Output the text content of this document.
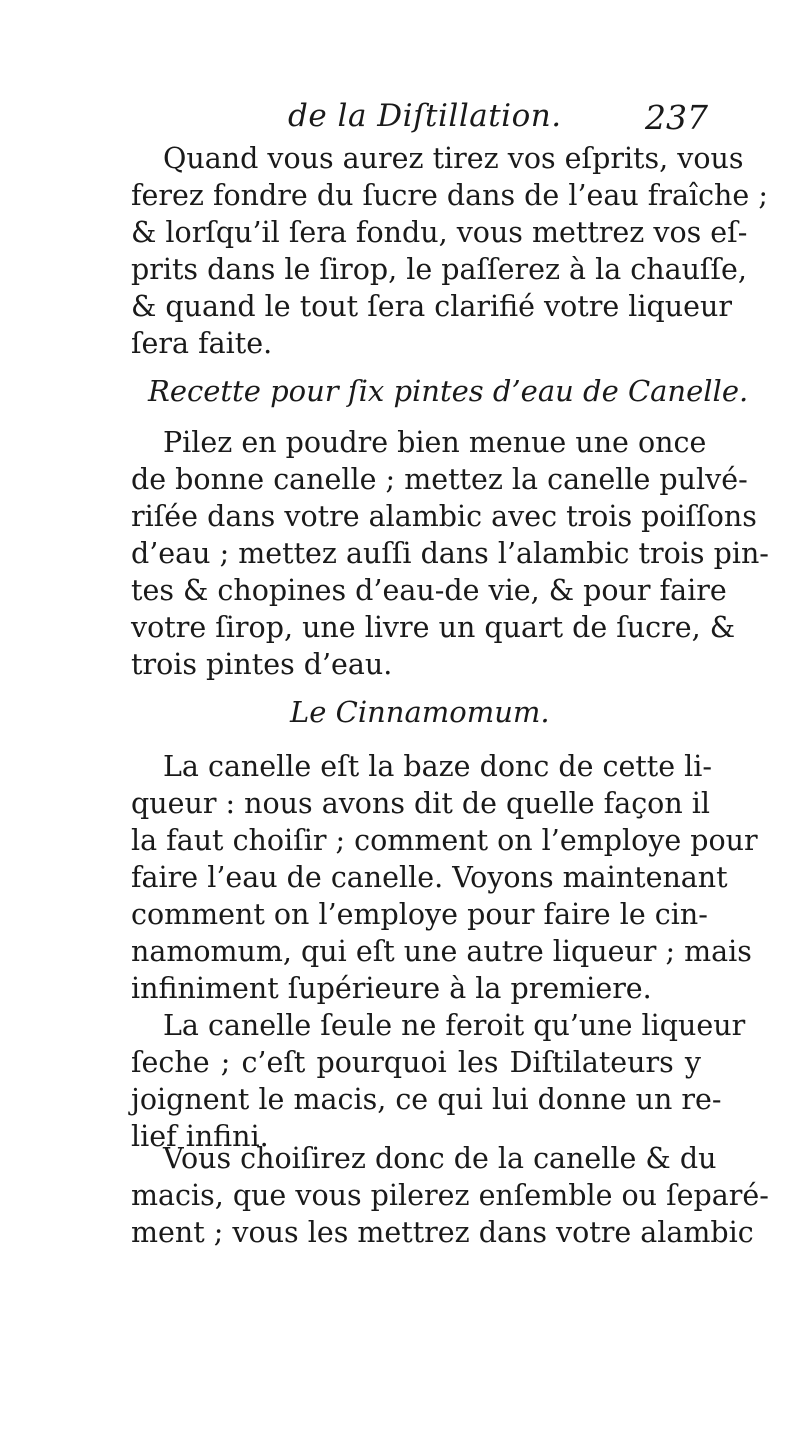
de la Diſtillation.	237
Quand vous aurez tirez vos eſprits, vous
ferez fondre du ſucre dans de l’eau fraîche ;
& lorſqu’il ſera fondu, vous mettrez vos eſ-
prits dans le ſirop, le paſſerez à la chauſſe,
& quand le tout ſera clarifié votre liqueur
ſera faite.
Recette pour ſix pintes d’eau de Canelle.
Pilez en poudre bien menue une once
de bonne canelle ; mettez la canelle pulvé-
riſée dans votre alambic avec trois poiſſons
d’eau ; mettez auſſi dans l’alambic trois pin-
tes & chopines d’eau-de vie, & pour faire
votre ſirop, une livre un quart de ſucre, &
trois pintes d’eau.
Le Cinnamomum.
La canelle eſt la baze donc de cette li-
queur : nous avons dit de quelle façon il
la faut choiſir ; comment on l’employe pour
faire l’eau de canelle. Voyons maintenant
comment on l’employe pour faire le cin-
namomum, qui eſt une autre liqueur ; mais
infiniment ſupérieure à la premiere.
La canelle ſeule ne feroit qu’une liqueur
ſeche ; c’eſt pourquoi les Diſtilateurs y
joignent le macis, ce qui lui donne un re-
lief infini.
Vous choiſirez donc de la canelle & du
macis, que vous pilerez enſemble ou ſeparé-
ment ; vous les mettrez dans votre alambic
